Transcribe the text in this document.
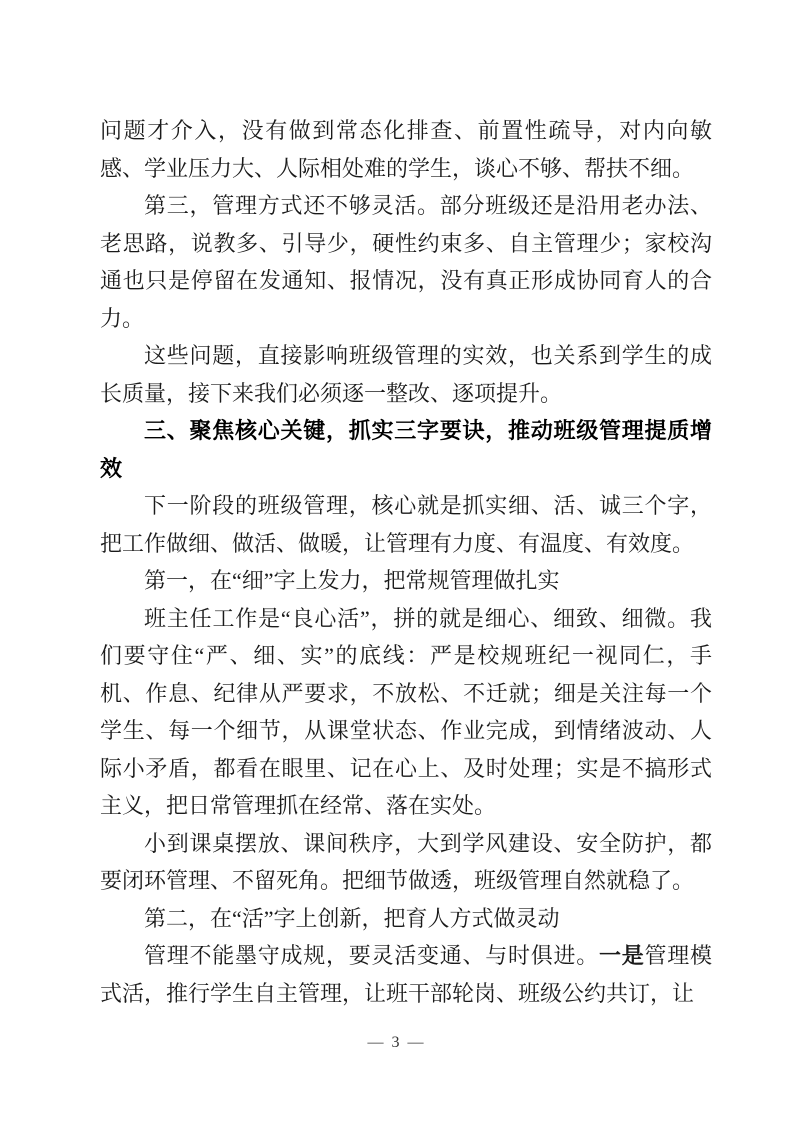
问题才介入，没有做到常态化排查、前置性疏导，对内向敏感、学业压力大、人际相处难的学生，谈心不够、帮扶不细。

第三，管理方式还不够灵活。部分班级还是沿用老办法、老思路，说教多、引导少，硬性约束多、自主管理少；家校沟通也只是停留在发通知、报情况，没有真正形成协同育人的合力。

这些问题，直接影响班级管理的实效，也关系到学生的成长质量，接下来我们必须逐一整改、逐项提升。

三、聚焦核心关键，抓实三字要诀，推动班级管理提质增效

下一阶段的班级管理，核心就是抓实细、活、诚三个字，把工作做细、做活、做暖，让管理有力度、有温度、有效度。

第一，在“细”字上发力，把常规管理做扎实

班主任工作是“良心活”，拼的就是细心、细致、细微。我们要守住“严、细、实”的底线：严是校规班纪一视同仁，手机、作息、纪律从严要求，不放松、不迁就；细是关注每一个学生、每一个细节，从课堂状态、作业完成，到情绪波动、人际小矛盾，都看在眼里、记在心上、及时处理；实是不搞形式主义，把日常管理抓在经常、落在实处。

小到课桌摆放、课间秩序，大到学风建设、安全防护，都要闭环管理、不留死角。把细节做透，班级管理自然就稳了。

第二，在“活”字上创新，把育人方式做灵动

管理不能墨守成规，要灵活变通、与时俱进。一是管理模式活，推行学生自主管理，让班干部轮岗、班级公约共订，让

— 3 —
